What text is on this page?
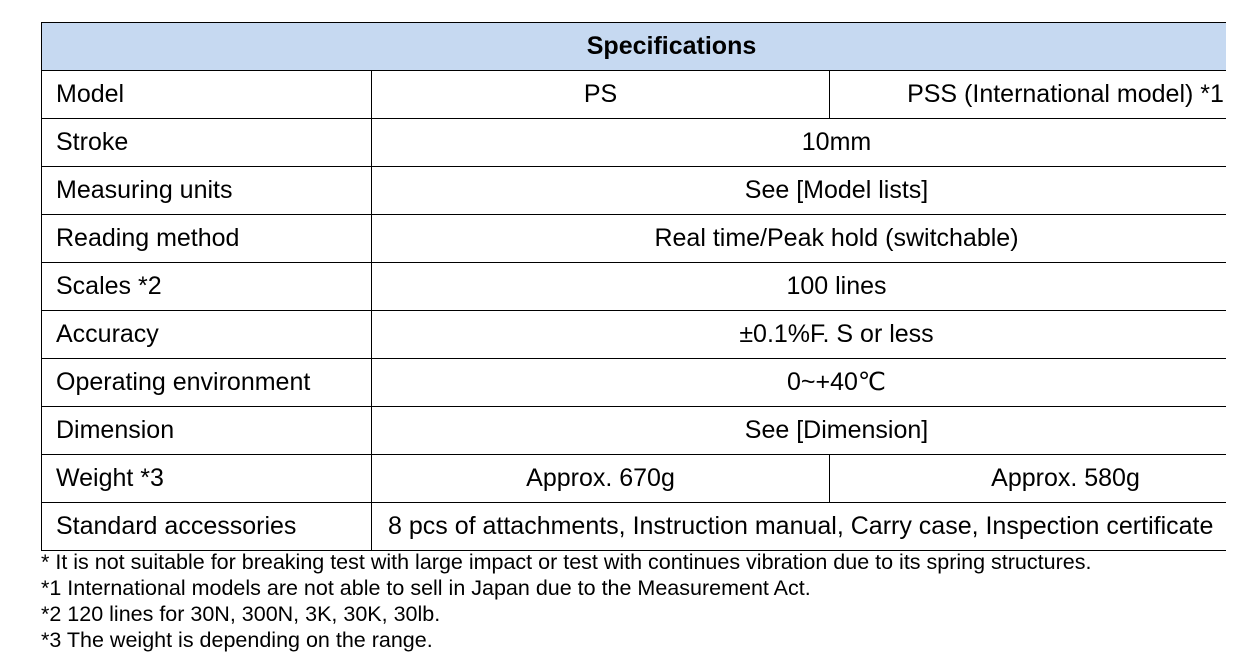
Specifications		
Model	PS	PSS (International model) *1
Stroke	10mm	
Measuring units	See [Model lists]	
Reading method	Real time/Peak hold (switchable)	
Scales *2	100 lines	
Accuracy	±0.1%F. S or less	
Operating environment	0~+40℃	
Dimension	See [Dimension]	
Weight *3	Approx. 670g	Approx. 580g
Standard accessories	8 pcs of attachments, Instruction manual, Carry case, Inspection certificate	
* It is not suitable for breaking test with large impact or test with continues vibration due to its spring structures.
*1 International models are not able to sell in Japan due to the Measurement Act.
*2 120 lines for 30N, 300N, 3K, 30K, 30lb.
*3 The weight is depending on the range.
